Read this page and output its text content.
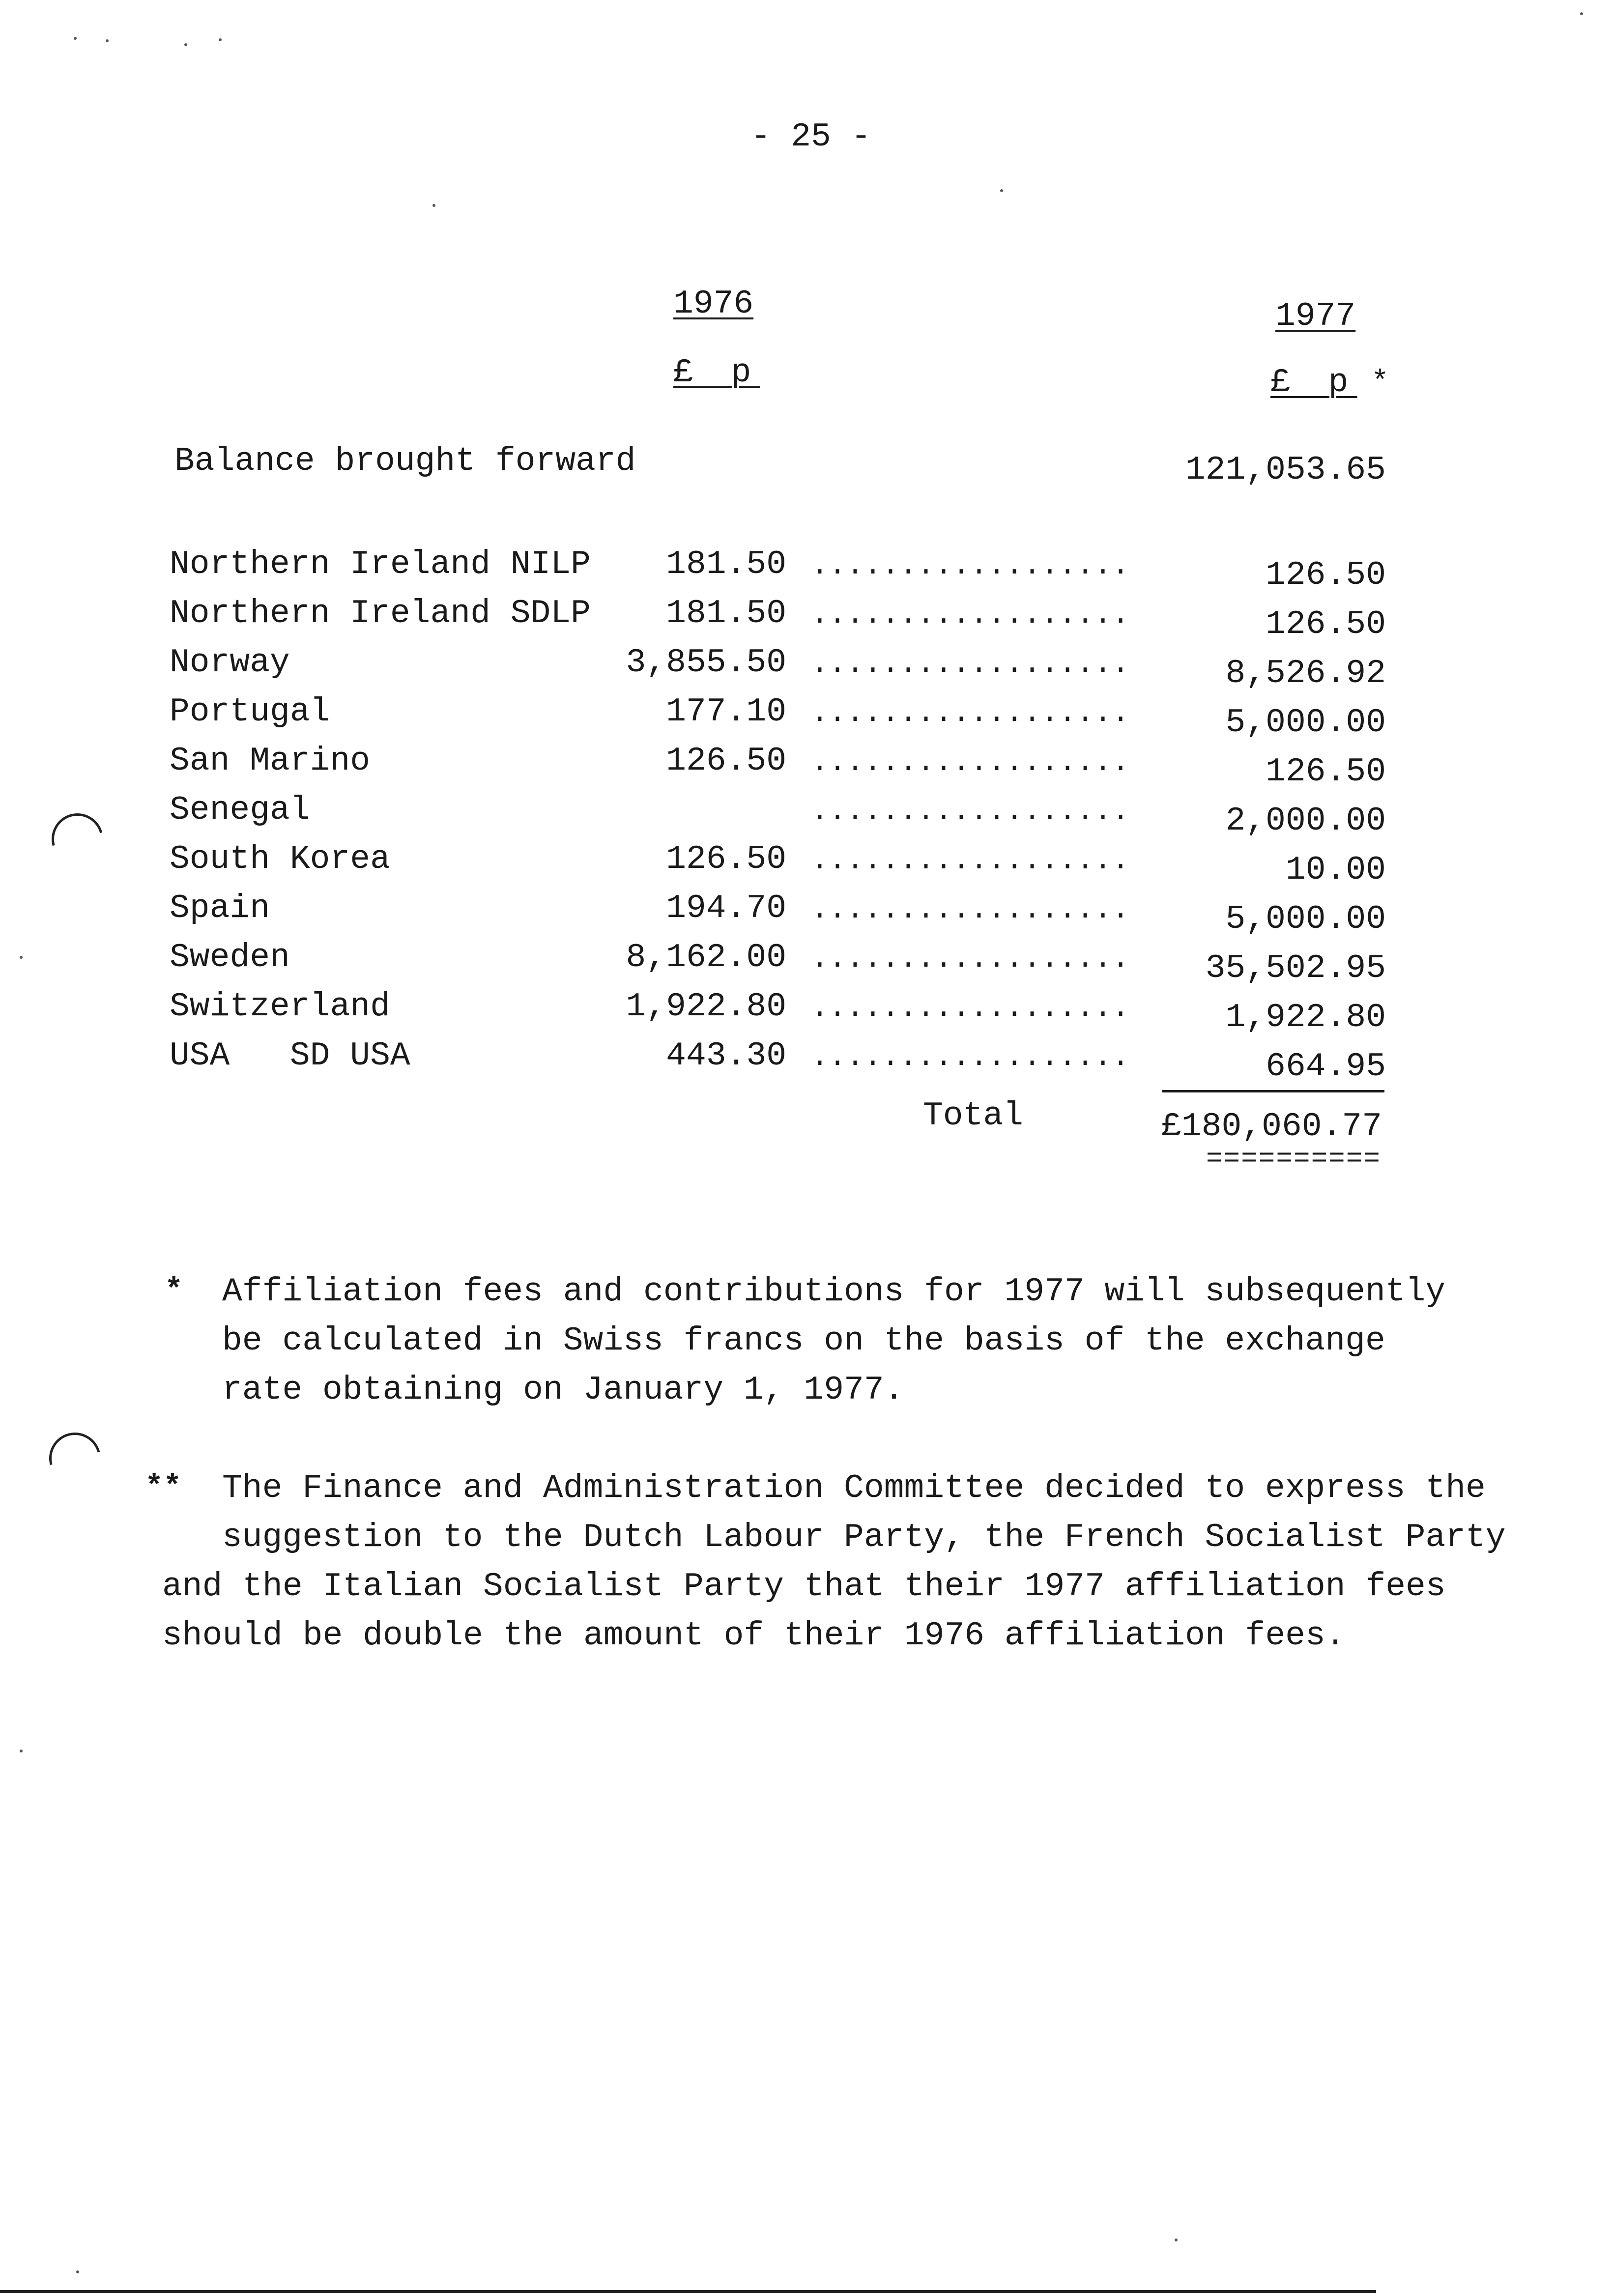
- 25 -
1976	1977
£ p	£ p *
Balance brought forward	121,053.65
Northern Ireland NILP 181.50 ..................	126.50
Northern Ireland SDLP 181.50 ..................	126.50
Norway	3,855.50 ..................	8,526.92
Portugal	177.10 ..................	5,000.00
San Marino	126.50 ..................	126.50
Senegal	..................	2,000.00
South Korea	126.50 ..................	10.00
Spain	194.70 ..................	5,000.00
Sweden	8,162.00 .................. 35,502.95
Switzerland	1,922.80 ..................	1,922.80
USA   SD USA	443.30 ..................	664.95
Total	£180,060.77
==========
* Affiliation fees and contributions for 1977 will subsequently
be calculated in Swiss francs on the basis of the exchange
rate obtaining on January 1, 1977.
** The Finance and Administration Committee decided to express the
suggestion to the Dutch Labour Party, the French Socialist Party
and the Italian Socialist Party that their 1977 affiliation fees
should be double the amount of their 1976 affiliation fees.
